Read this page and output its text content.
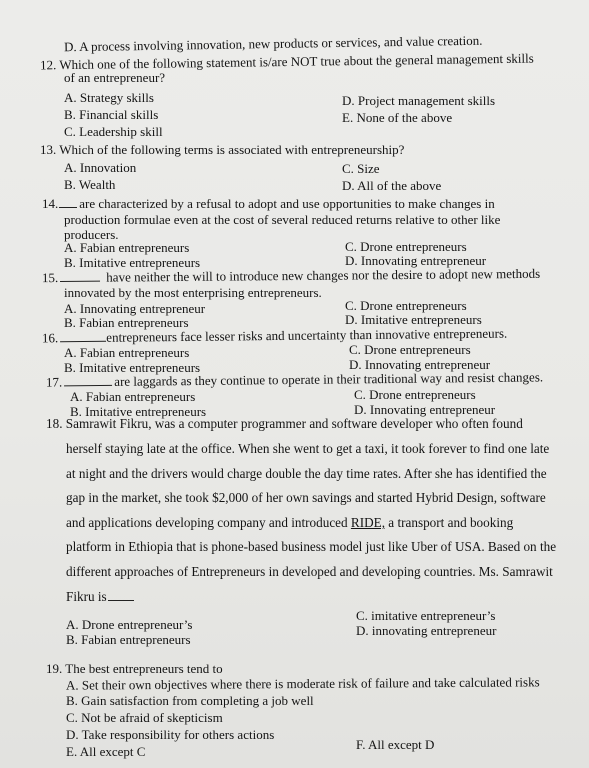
D. A process involving innovation, new products or services, and value creation.
12. Which one of the following statement is/are NOT true about the general management skills
of an entrepreneur?
A. Strategy skills	D. Project management skills
B. Financial skills	E. None of the above
C. Leadership skill
13. Which of the following terms is associated with entrepreneurship?
A. Innovation	C. Size
B. Wealth	D. All of the above
14. are characterized by a refusal to adopt and use opportunities to make changes in
production formulae even at the cost of several reduced returns relative to other like
producers.
A. Fabian entrepreneurs	C. Drone entrepreneurs
B. Imitative entrepreneurs	D. Innovating entrepreneur
15.	have neither the will to introduce new changes nor the desire to adopt new methods
innovated by the most enterprising entrepreneurs.
A. Innovating entrepreneur	C. Drone entrepreneurs
B. Fabian entrepreneurs	D. Imitative entrepreneurs
16.	entrepreneurs face lesser risks and uncertainty than innovative entrepreneurs.
A. Fabian entrepreneurs	C. Drone entrepreneurs
B. Imitative entrepreneurs	D. Innovating entrepreneur
17.	are laggards as they continue to operate in their traditional way and resist changes.
A. Fabian entrepreneurs	C. Drone entrepreneurs
B. Imitative entrepreneurs	D. Innovating entrepreneur
18. Samrawit Fikru, was a computer programmer and software developer who often found
herself staying late at the office. When she went to get a taxi, it took forever to find one late
at night and the drivers would charge double the day time rates. After she has identified the
gap in the market, she took $2,000 of her own savings and started Hybrid Design, software
and applications developing company and introduced RIDE, a transport and booking
platform in Ethiopia that is phone-based business model just like Uber of USA. Based on the
different approaches of Entrepreneurs in developed and developing countries. Ms. Samrawit
Fikru is
A. Drone entrepreneur’s
C. imitative entrepreneur’s
B. Fabian entrepreneurs
D. innovating entrepreneur
19. The best entrepreneurs tend to
A. Set their own objectives where there is moderate risk of failure and take calculated risks
B. Gain satisfaction from completing a job well
C. Not be afraid of skepticism
D. Take responsibility for others actions
E. All except C	F. All except D
